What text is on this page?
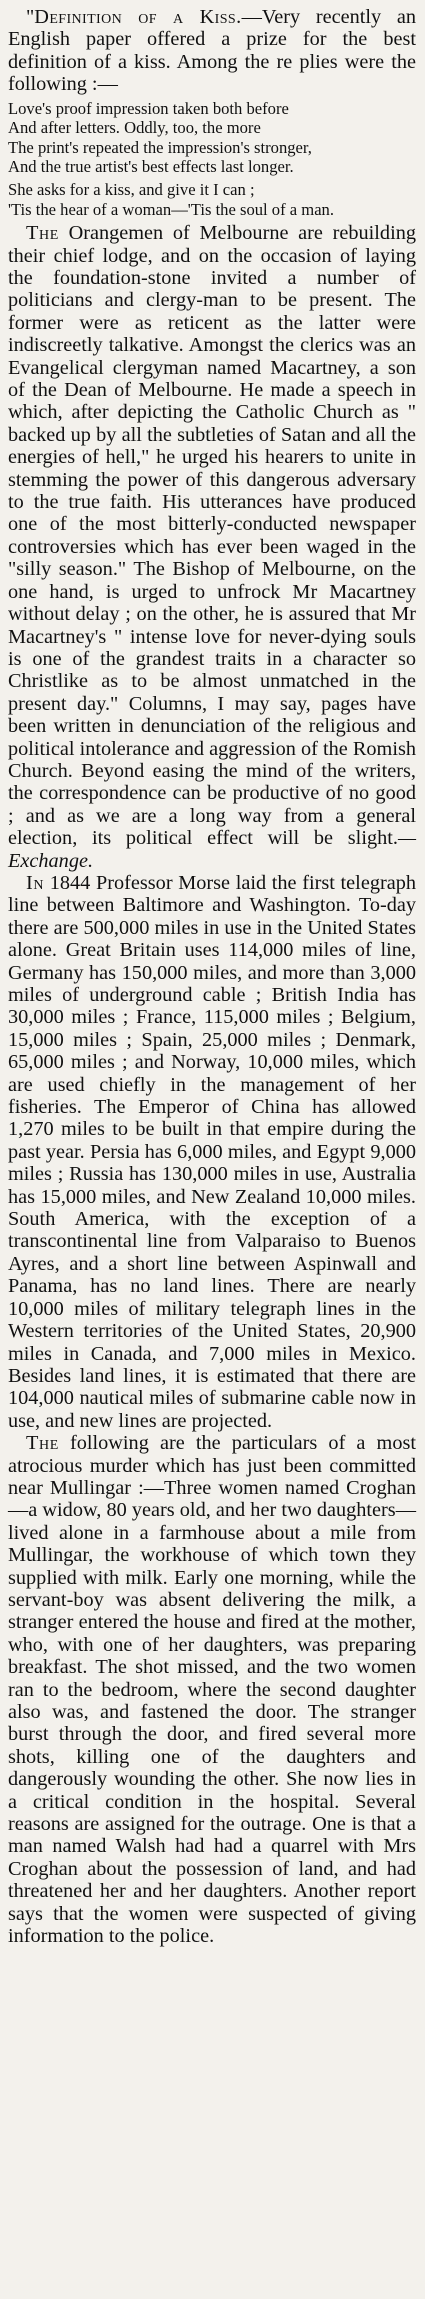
"Definition of a Kiss.—Very recently an English paper offered a prize for the best definition of a kiss. Among the re plies were the following :—

Love's proof impression taken both before
And after letters. Oddly, too, the more
The print's repeated the impression's stronger,
And the true artist's best effects last longer.
She asks for a kiss, and give it I can ;
'Tis the hear of a woman—'Tis the soul of a man.

The Orangemen of Melbourne are rebuilding their chief lodge, and on the occasion of laying the foundation-stone invited a number of politicians and clergy-man to be present. The former were as reticent as the latter were indiscreetly talkative. Amongst the clerics was an Evangelical clergyman named Macartney, a son of the Dean of Melbourne. He made a speech in which, after depicting the Catholic Church as " backed up by all the subtleties of Satan and all the energies of hell," he urged his hearers to unite in stemming the power of this dangerous adversary to the true faith. His utterances have produced one of the most bitterly-conducted newspaper controversies which has ever been waged in the "silly season." The Bishop of Melbourne, on the one hand, is urged to unfrock Mr Macartney without delay ; on the other, he is assured that Mr Macartney's " intense love for never-dying souls is one of the grandest traits in a character so Christlike as to be almost unmatched in the present day." Columns, I may say, pages have been written in denunciation of the religious and political intolerance and aggression of the Romish Church. Beyond easing the mind of the writers, the correspondence can be productive of no good ; and as we are a long way from a general election, its political effect will be slight.—Exchange.

In 1844 Professor Morse laid the first telegraph line between Baltimore and Washington. To-day there are 500,000 miles in use in the United States alone. Great Britain uses 114,000 miles of line, Germany has 150,000 miles, and more than 3,000 miles of underground cable ; British India has 30,000 miles ; France, 115,000 miles ; Belgium, 15,000 miles ; Spain, 25,000 miles ; Denmark, 65,000 miles ; and Norway, 10,000 miles, which are used chiefly in the management of her fisheries. The Emperor of China has allowed 1,270 miles to be built in that empire during the past year. Persia has 6,000 miles, and Egypt 9,000 miles ; Russia has 130,000 miles in use, Australia has 15,000 miles, and New Zealand 10,000 miles. South America, with the exception of a transcontinental line from Valparaiso to Buenos Ayres, and a short line between Aspinwall and Panama, has no land lines. There are nearly 10,000 miles of military telegraph lines in the Western territories of the United States, 20,900 miles in Canada, and 7,000 miles in Mexico. Besides land lines, it is estimated that there are 104,000 nautical miles of submarine cable now in use, and new lines are projected.

The following are the particulars of a most atrocious murder which has just been committed near Mullingar :—Three women named Croghan—a widow, 80 years old, and her two daughters—lived alone in a farmhouse about a mile from Mullingar, the workhouse of which town they supplied with milk. Early one morning, while the servant-boy was absent delivering the milk, a stranger entered the house and fired at the mother, who, with one of her daughters, was preparing breakfast. The shot missed, and the two women ran to the bedroom, where the second daughter also was, and fastened the door. The stranger burst through the door, and fired several more shots, killing one of the daughters and dangerously wounding the other. She now lies in a critical condition in the hospital. Several reasons are assigned for the outrage. One is that a man named Walsh had had a quarrel with Mrs Croghan about the possession of land, and had threatened her and her daughters. Another report says that the women were suspected of giving information to the police.
